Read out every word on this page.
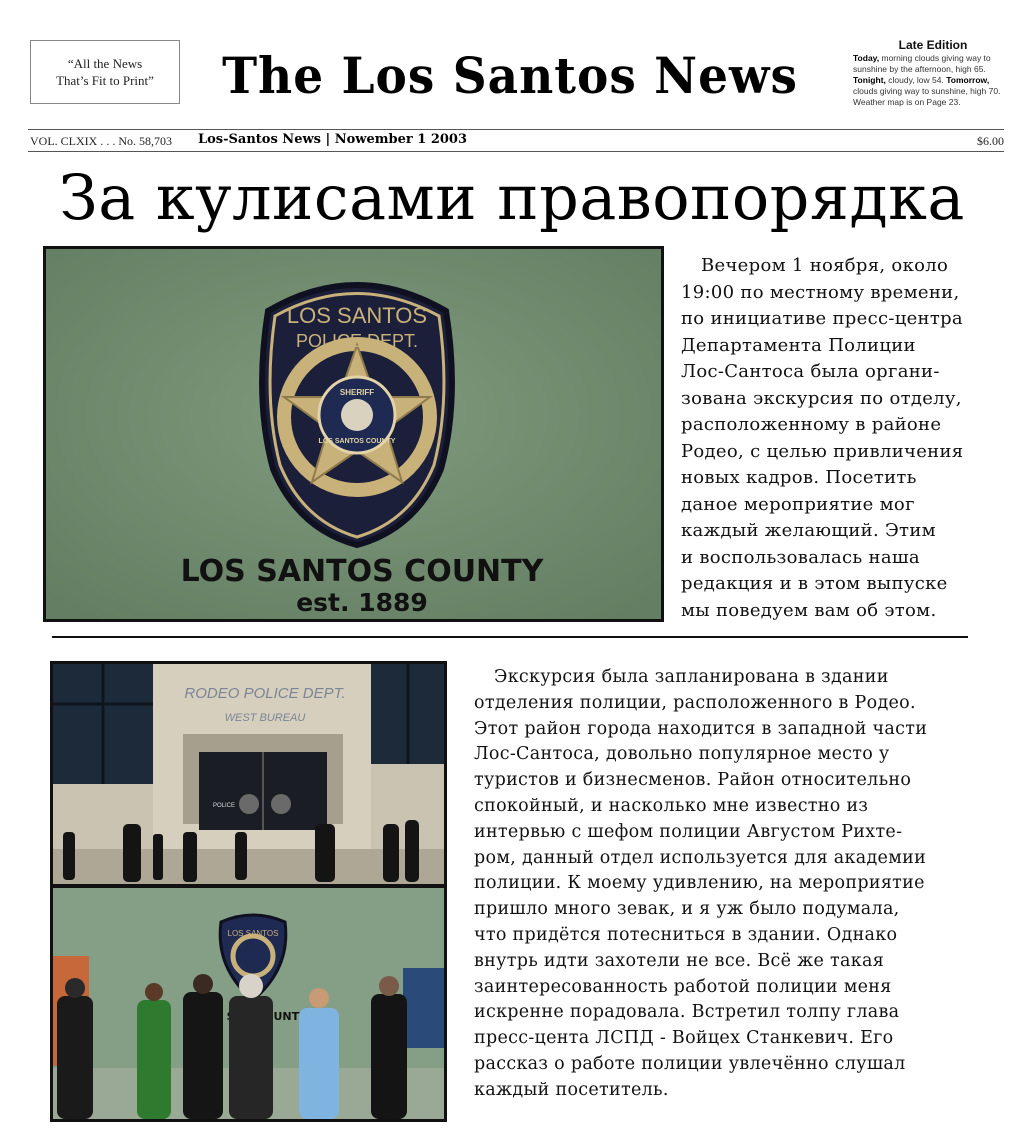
“All the News
That’s Fit to Print”	The Los Santos News
Late Edition
Today, morning clouds giving way to sunshine by the afternoon, high 65. Tonight, cloudy, low 54. Tomorrow, clouds giving way to sunshine, high 70. Weather map is on Page 23.
VOL. CLXIX . . . No. 58,703 Los-Santos News | Nowember 1 2003	$6.00
За кулисами правопорядка
LOS SANTOS
POLICE DEPT.
SHERIFF
LOS SANTOS COUNTY
LOS SANTOS COUNTY
est. 1889
Вечером 1 ноября, около
19:00 по местному времени,
по инициативе пресс-центра
Департамента Полиции
Лос-Сантоса была органи-
зована экскурсия по отделу,
расположенному в районе
Родео, с целью привличения
новых кадров. Посетить
даное мероприятие мог
каждый желающий. Этим
и воспользовалась наша
редакция и в этом выпуске
мы поведуем вам об этом.
POLICE
RODEO POLICE DEPT.
WEST BUREAU
LOS SANTOS
COUNTY
Экскурсия была запланирована в здании
отделения полиции, расположенного в Родео.
Этот район города находится в западной части
Лос-Сантоса, довольно популярное место у
туристов и бизнесменов. Район относительно
спокойный, и насколько мне известно из
интервью с шефом полиции Августом Рихте-
ром, данный отдел используется для академии
полиции. К моему удивлению, на мероприятие
пришло много зевак, и я уж было подумала,
что придётся потесниться в здании. Однако
внутрь идти захотели не все. Всё же такая
заинтересованность работой полиции меня
искренне порадовала. Встретил толпу глава
пресс-цента ЛСПД - Войцех Станкевич. Его
рассказ о работе полиции увлечённо слушал
каждый посетитель.
